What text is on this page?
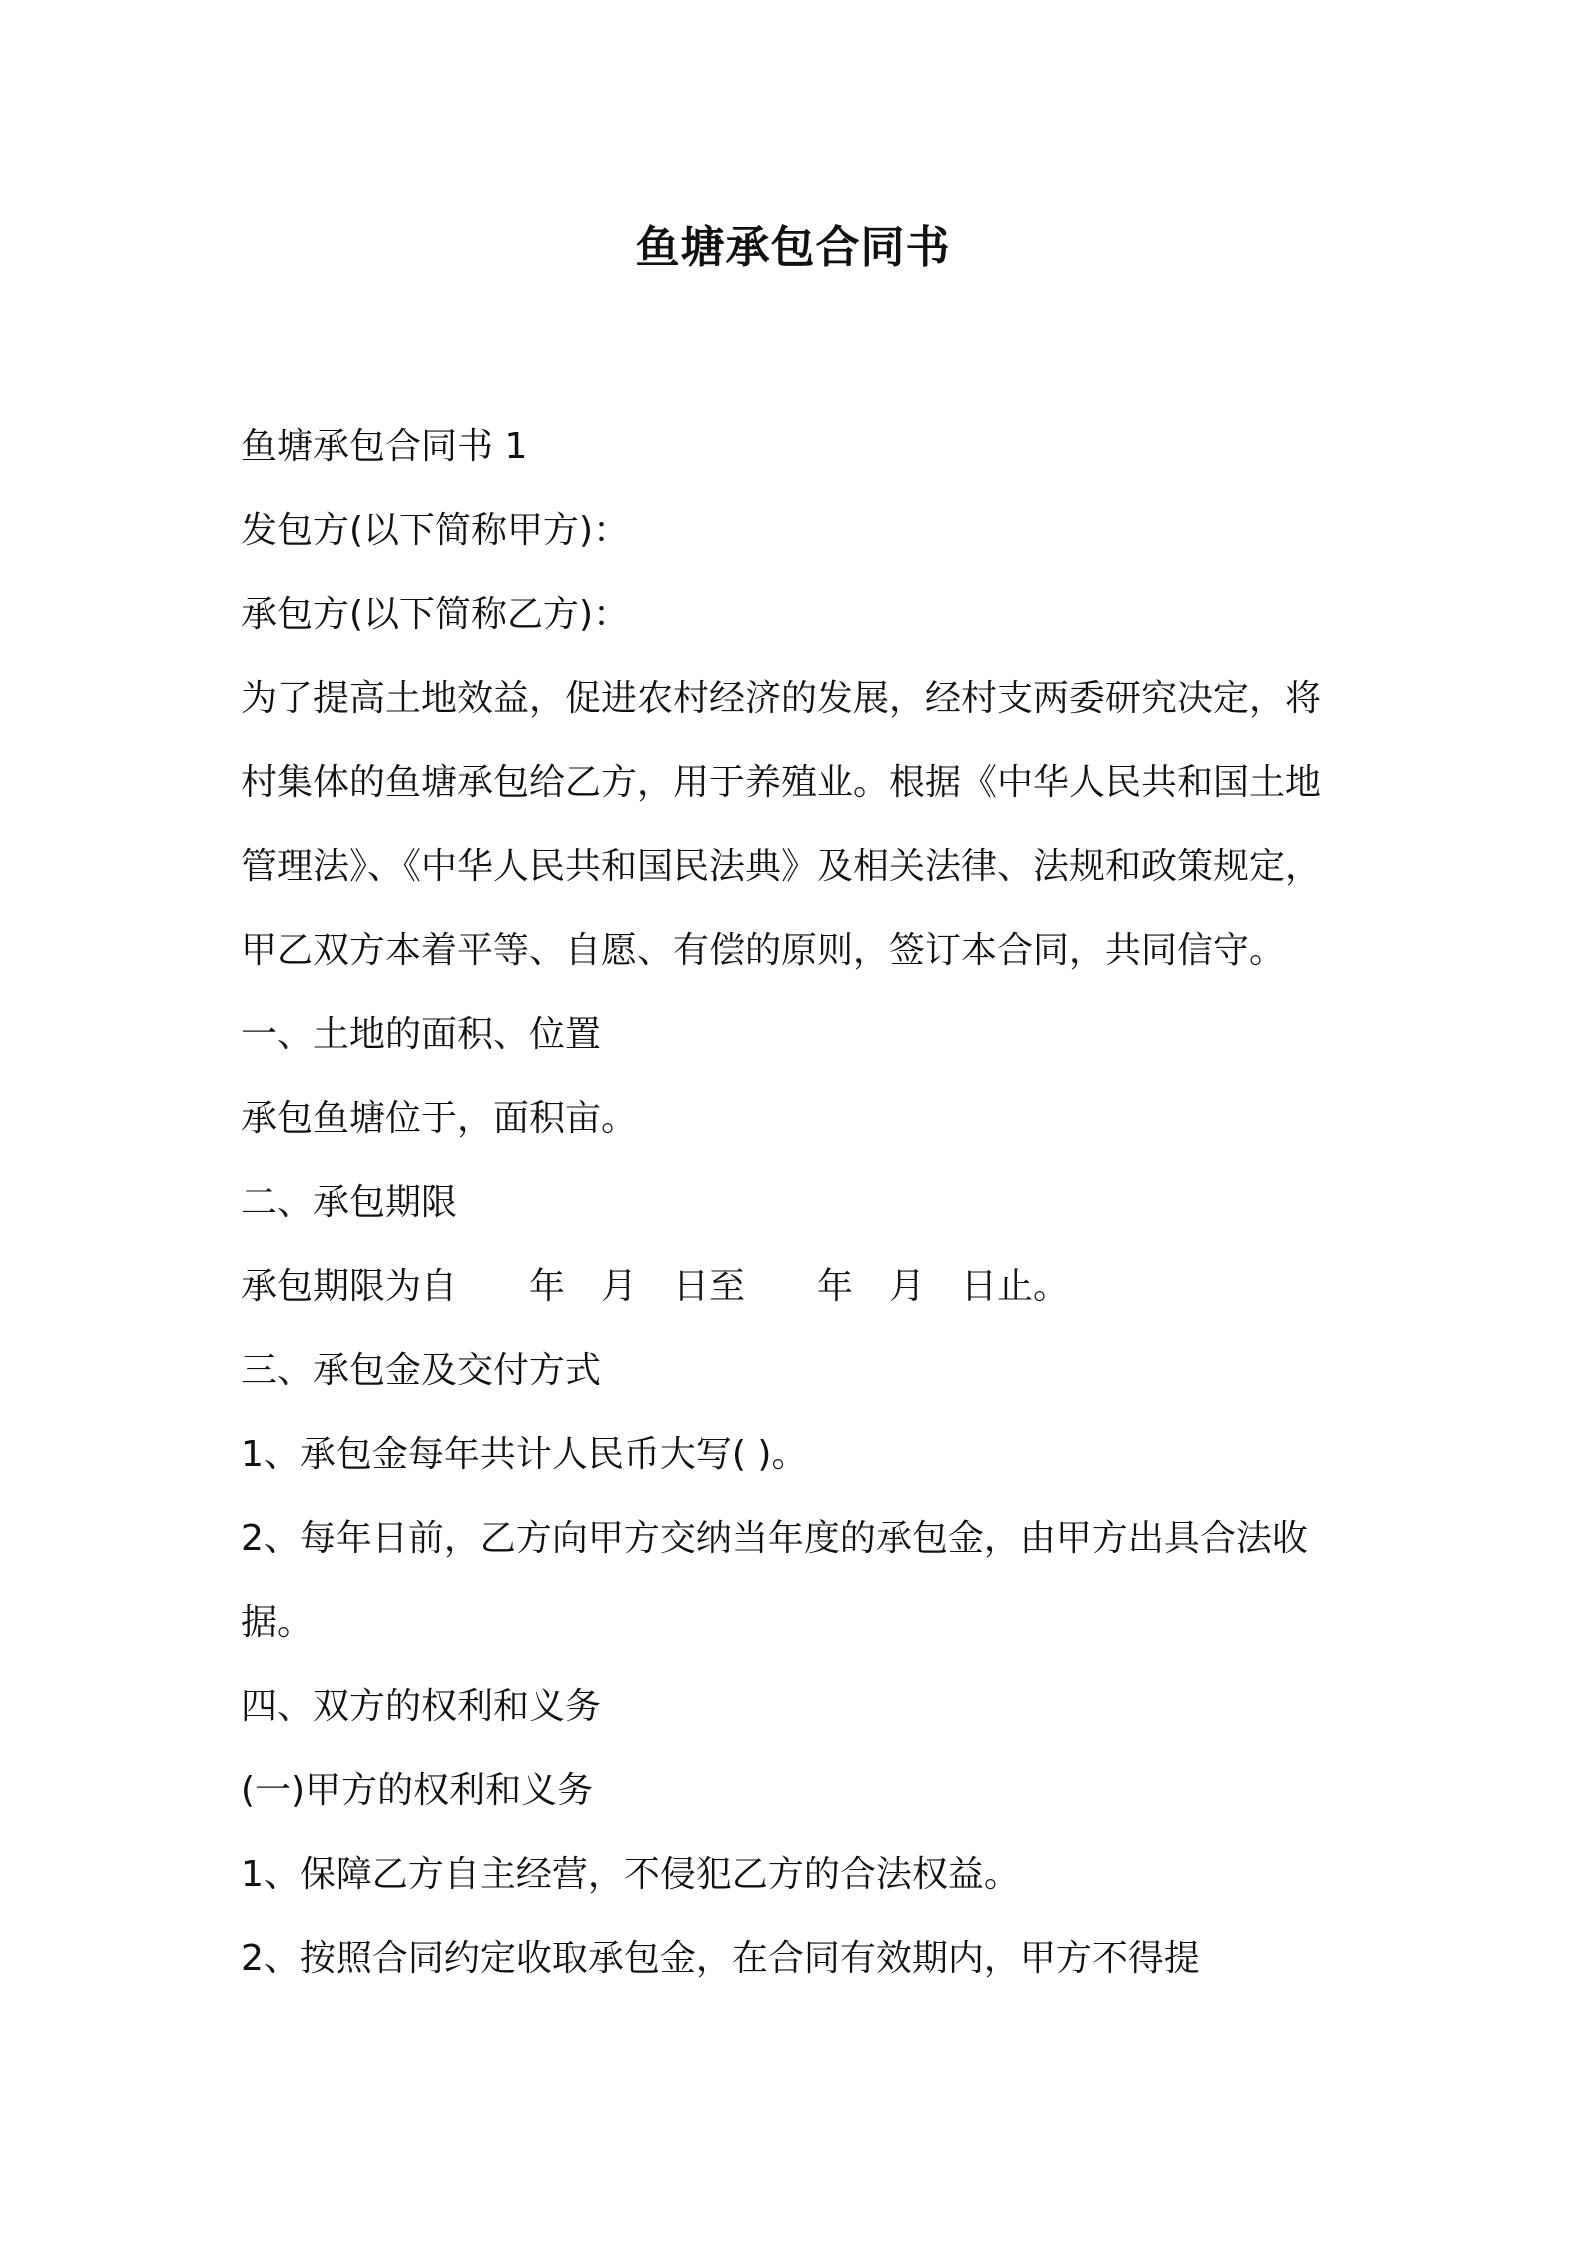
鱼塘承包合同书

鱼塘承包合同书 1

发包方(以下简称甲方)：

承包方(以下简称乙方)：

为了提高土地效益，促进农村经济的发展，经村支两委研究决定，将

村集体的鱼塘承包给乙方，用于养殖业。根据《中华人民共和国土地

管理法》、《中华人民共和国民法典》及相关法律、法规和政策规定，

甲乙双方本着平等、自愿、有偿的原则，签订本合同，共同信守。

一、土地的面积、位置

承包鱼塘位于，面积亩。

二、承包期限

承包期限为自　　年　月　日至　　年　月　日止。

三、承包金及交付方式

1、承包金每年共计人民币大写( )。

2、每年日前，乙方向甲方交纳当年度的承包金，由甲方出具合法收

据。

四、双方的权利和义务

(一)甲方的权利和义务

1、保障乙方自主经营，不侵犯乙方的合法权益。

2、按照合同约定收取承包金，在合同有效期内，甲方不得提
